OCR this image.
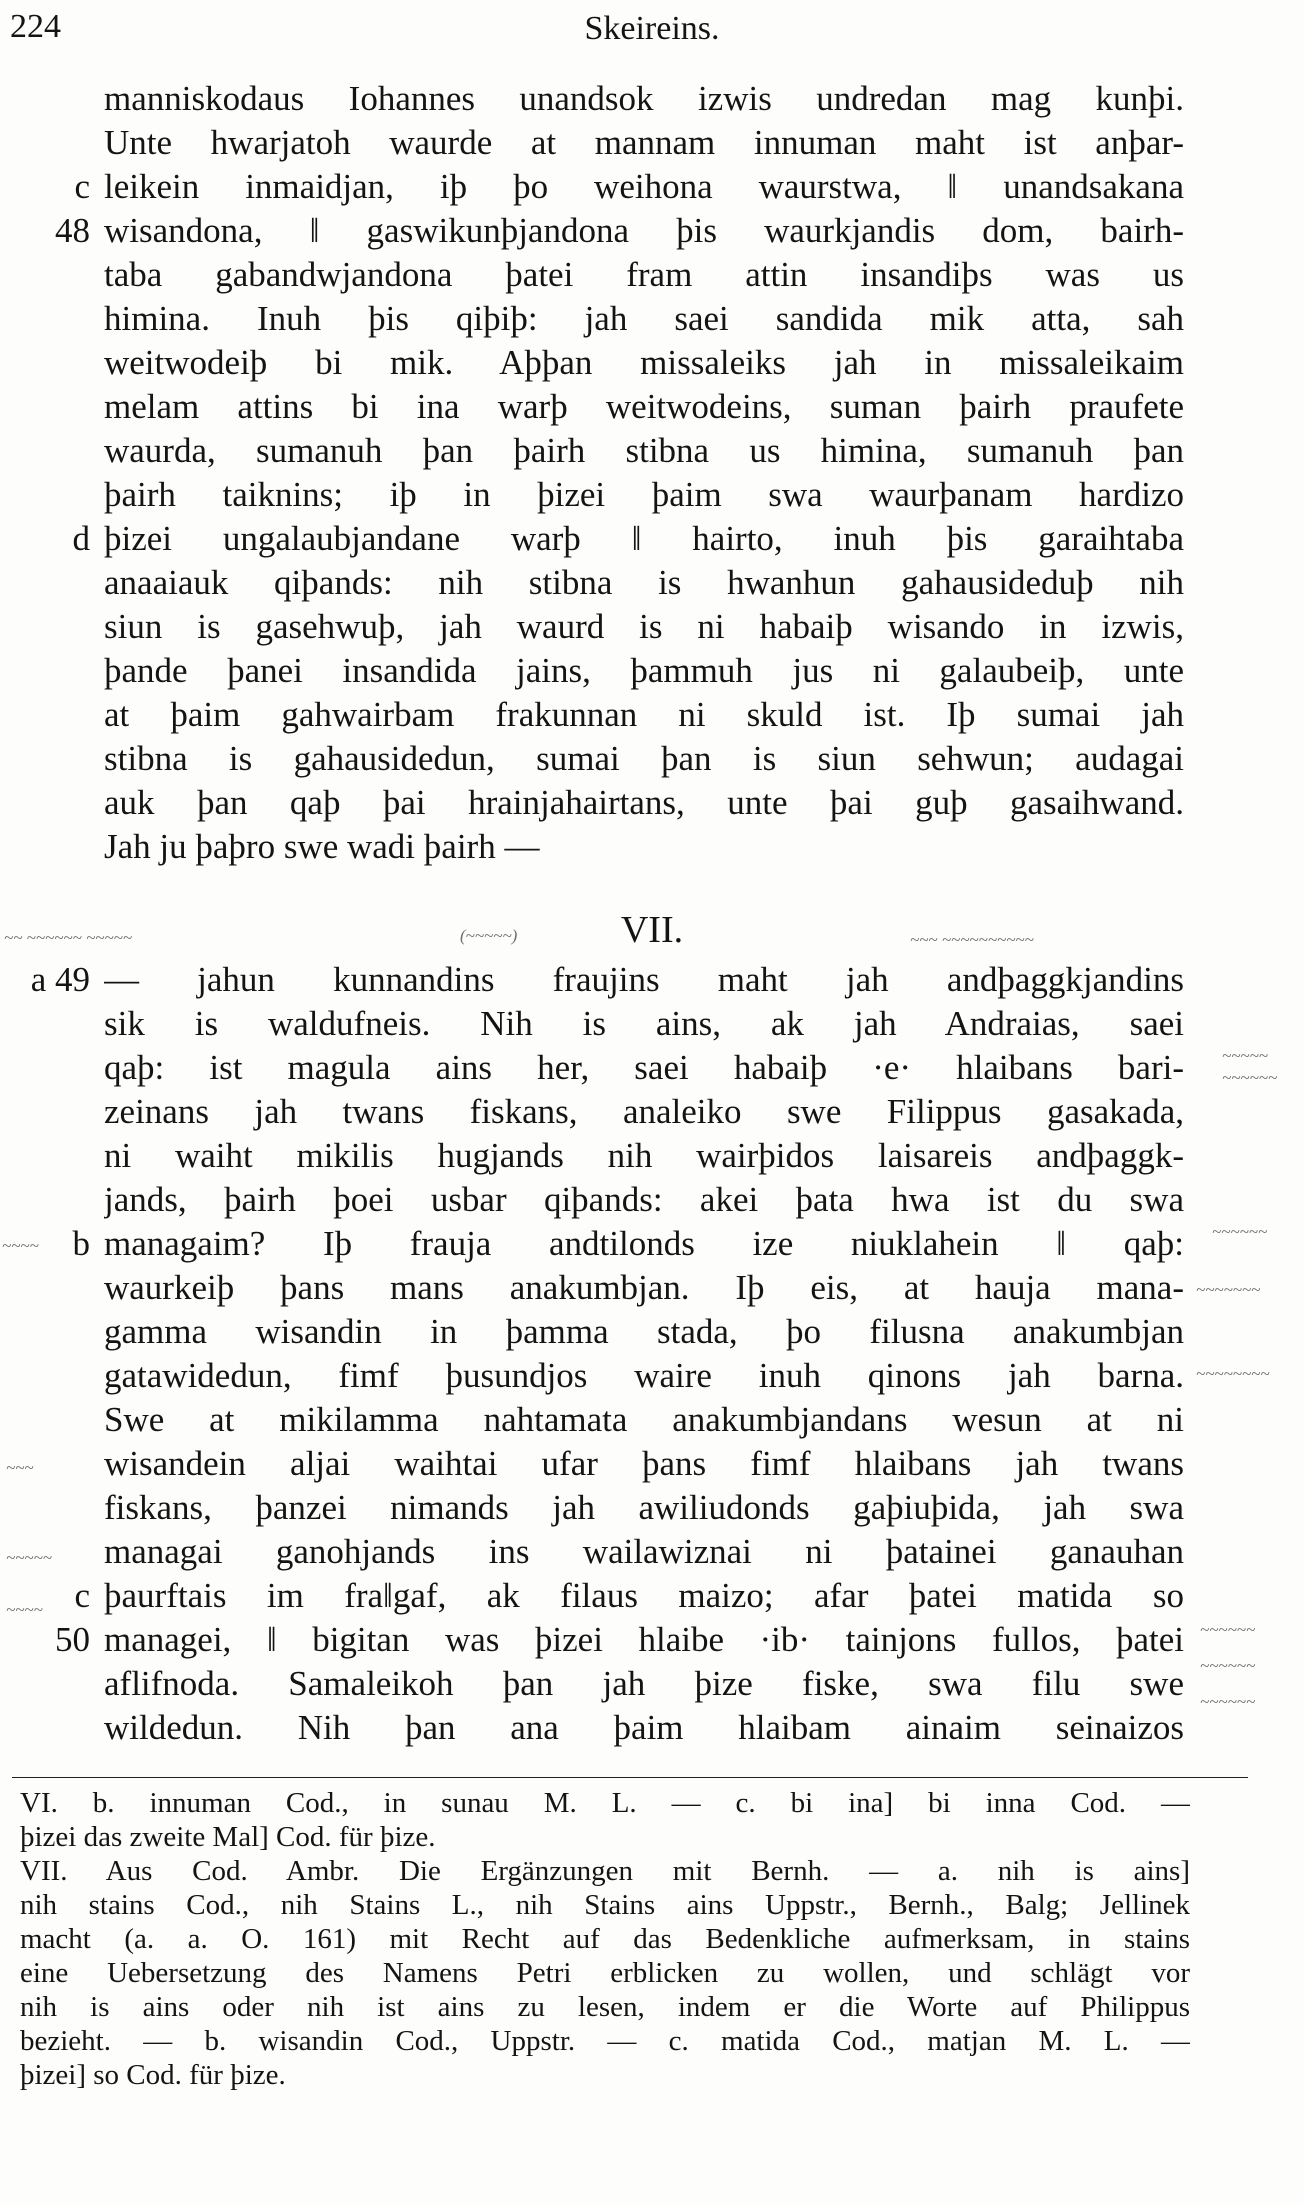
224	Skeireins.
manniskodaus Iohannes unandsok izwis undredan mag kunþi.
Unte hwarjatoh waurde at mannam innuman maht ist anþar-
leikein inmaidjan, iþ þo weihona waurstwa, ‖ unandsakana
wisandona, ‖ gaswikunþjandona þis waurkjandis dom, bairh-
taba gabandwjandona þatei fram attin insandiþs was us
himina. Inuh þis qiþiþ: jah saei sandida mik atta, sah
weitwodeiþ bi mik. Aþþan missaleiks jah in missaleikaim
melam attins bi ina warþ weitwodeins, suman þairh praufete
waurda, sumanuh þan þairh stibna us himina, sumanuh þan
þairh taiknins; iþ in þizei þaim swa waurþanam hardizo
þizei ungalaubjandane warþ ‖ hairto, inuh þis garaihtaba
anaaiauk qiþands: nih stibna is hwanhun gahausideduþ nih
siun is gasehwuþ, jah waurd is ni habaiþ wisando in izwis,
þande þanei insandida jains, þammuh jus ni galaubeiþ, unte
at þaim gahwairbam frakunnan ni skuld ist. Iþ sumai jah
stibna is gahausidedun, sumai þan is siun sehwun; audagai
auk þan qaþ þai hrainjahairtans, unte þai guþ gasaihwand.
Jah ju þaþro swe wadi þairh —
VII.
— jahun kunnandins fraujins maht jah andþaggkjandins
sik is waldufneis. Nih is ains, ak jah Andraias, saei
qaþ: ist magula ains her, saei habaiþ ·e· hlaibans bari-
zeinans jah twans fiskans, analeiko swe Filippus gasakada,
ni waiht mikilis hugjands nih wairþidos laisareis andþaggk-
jands, þairh þoei usbar qiþands: akei þata hwa ist du swa
managaim? Iþ frauja andtilonds ize niuklahein ‖ qaþ:
waurkeiþ þans mans anakumbjan. Iþ eis, at hauja mana-
gamma wisandin in þamma stada, þo filusna anakumbjan
gatawidedun, fimf þusundjos waire inuh qinons jah barna.
Swe at mikilamma nahtamata anakumbjandans wesun at ni
wisandein aljai waihtai ufar þans fimf hlaibans jah twans
fiskans, þanzei nimands jah awiliudonds gaþiuþida, jah swa
managai ganohjands ins wailawiznai ni þatainei ganauhan
þaurftais im fra‖gaf, ak filaus maizo; afar þatei matida so
managei, ‖ bigitan was þizei hlaibe ·ib· tainjons fullos, þatei
aflifnoda. Samaleikoh þan jah þize fiske, swa filu swe
wildedun. Nih þan ana þaim hlaibam ainaim seinaizos
c
48
d
a 49
b
c
50
~~ ~~~~~~ ~~~~~	(~~~~~)	~~~ ~~~~~~~~~~
~~~~~
~~~~~~
~~~~
~~~~~~
~~~~~~~
~~~~~~~~
~~~
~~~~~
~~~~
~~~~~~
~~~~~~
~~~~~~
VI. b. innuman Cod., in sunau M. L. — c. bi ina] bi inna Cod. —
þizei das zweite Mal] Cod. für þize.
VII. Aus Cod. Ambr. Die Ergänzungen mit Bernh. — a. nih is ains]
nih stains Cod., nih Stains L., nih Stains ains Uppstr., Bernh., Balg; Jellinek
macht (a. a. O. 161) mit Recht auf das Bedenkliche aufmerksam, in stains
eine Uebersetzung des Namens Petri erblicken zu wollen, und schlägt vor
nih is ains oder nih ist ains zu lesen, indem er die Worte auf Philippus
bezieht. — b. wisandin Cod., Uppstr. — c. matida Cod., matjan M. L. —
þizei] so Cod. für þize.
